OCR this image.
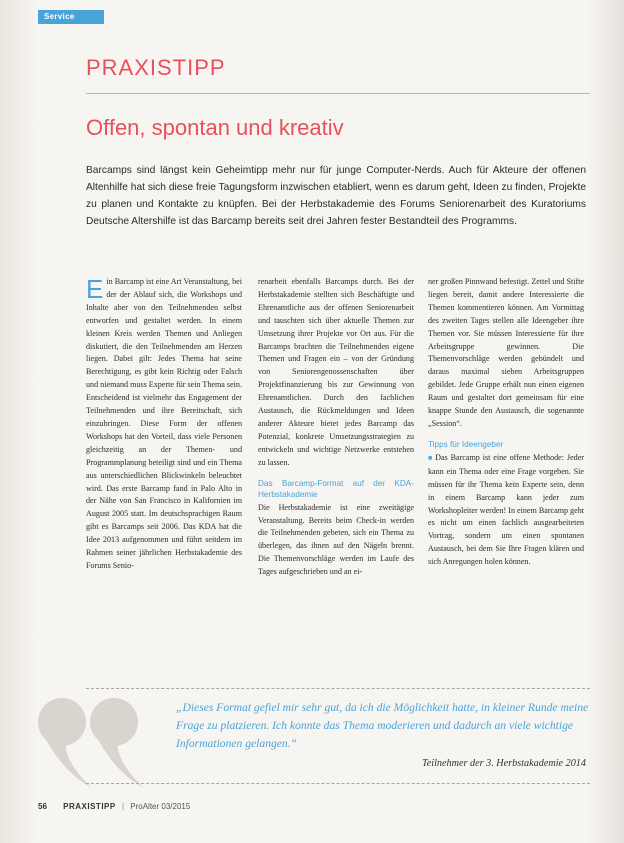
Service
PRAXISTIPP
Offen, spontan und kreativ

Barcamps sind längst kein Geheimtipp mehr nur für junge Computer-Nerds. Auch für Akteure der offenen Altenhilfe hat sich diese freie Tagungsform inzwischen etabliert, wenn es darum geht, Ideen zu finden, Projekte zu planen und Kontakte zu knüpfen. Bei der Herbstakademie des Forums Seniorenarbeit des Kuratoriums Deutsche Altershilfe ist das Barcamp bereits seit drei Jahren fester Bestandteil des Programms.

Ein Barcamp ist eine Art Veranstaltung, bei der der Ablauf sich, die Workshops und Inhalte aber von den Teilnehmenden selbst entworfen und gestaltet werden. In einem kleinen Kreis werden Themen und Anliegen diskutiert, die den Teilnehmenden am Herzen liegen. Dabei gilt: Jedes Thema hat seine Berechtigung, es gibt kein Richtig oder Falsch und niemand muss Experte für sein Thema sein. Entscheidend ist vielmehr das Engagement der Teilnehmenden und ihre Bereitschaft, sich einzubringen. Diese Form der offenen Workshops hat den Vorteil, dass viele Personen gleichzeitig an der Themen- und Programmplanung beteiligt sind und ein Thema aus unterschiedlichen Blickwinkeln beleuchtet wird. Das erste Barcamp fand in Palo Alto in der Nähe von San Francisco in Kalifornien im August 2005 statt. Im deutschsprachigen Raum gibt es Barcamps seit 2006. Das KDA hat die Idee 2013 aufgenommen und führt seitdem im Rahmen seiner jährlichen Herbstakademie des Forums Senio-
renarbeit ebenfalls Barcamps durch. Bei der Herbstakademie stellten sich Beschäftigte und Ehrenamtliche aus der offenen Seniorenarbeit und tauschten sich über aktuelle Themen zur Umsetzung ihrer Projekte vor Ort aus. Für die Barcamps brachten die Teilnehmenden eigene Themen und Fragen ein – von der Gründung von Seniorengenossenschaften über Projektfinanzierung bis zur Gewinnung von Ehrenamtlichen. Durch den fachlichen Austausch, die Rückmeldungen und Ideen anderer Akteure bietet jedes Barcamp das Potenzial, konkrete Umsetzungsstrategien zu entwickeln und wichtige Netzwerke entstehen zu lassen.
Das Barcamp-Format auf der KDA-Herbstakademie
Die Herbstakademie ist eine zweitägige Veranstaltung. Bereits beim Check-in werden die Teilnehmenden gebeten, sich ein Thema zu überlegen, das ihnen auf den Nägeln brennt. Die Themenvorschläge werden im Laufe des Tages aufgeschrieben und an ei-
ner großen Pinnwand befestigt. Zettel und Stifte liegen bereit, damit andere Interessierte die Themen kommentieren können. Am Vormittag des zweiten Tages stellen alle Ideengeber ihre Themen vor. Sie müssen Interessierte für ihre Arbeitsgruppe gewinnen. Die Themenvorschläge werden gebündelt und daraus maximal sieben Arbeitsgruppen gebildet. Jede Gruppe erhält nun einen eigenen Raum und gestaltet dort gemeinsam für eine knappe Stunde den Austausch, die sogenannte „Session“.
Tipps für Ideengeber
■ Das Barcamp ist eine offene Methode: Jeder kann ein Thema oder eine Frage vorgeben. Sie müssen für ihr Thema kein Experte sein, denn in einem Barcamp kann jeder zum Workshopleiter werden! In einem Barcamp geht es nicht um einen fachlich ausgearbeiteten Vortrag, sondern um einen spontanen Austausch, bei dem Sie Ihre Fragen klären und sich Anregungen holen können.
„Dieses Format gefiel mir sehr gut, da ich die Möglichkeit hatte, in kleiner Runde meine Frage zu platzieren. Ich konnte das Thema moderieren und dadurch an viele wichtige Informationen gelangen.“
Teilnehmer der 3. Herbstakademie 2014
56 PRAXISTIPP | ProAlter 03/2015
